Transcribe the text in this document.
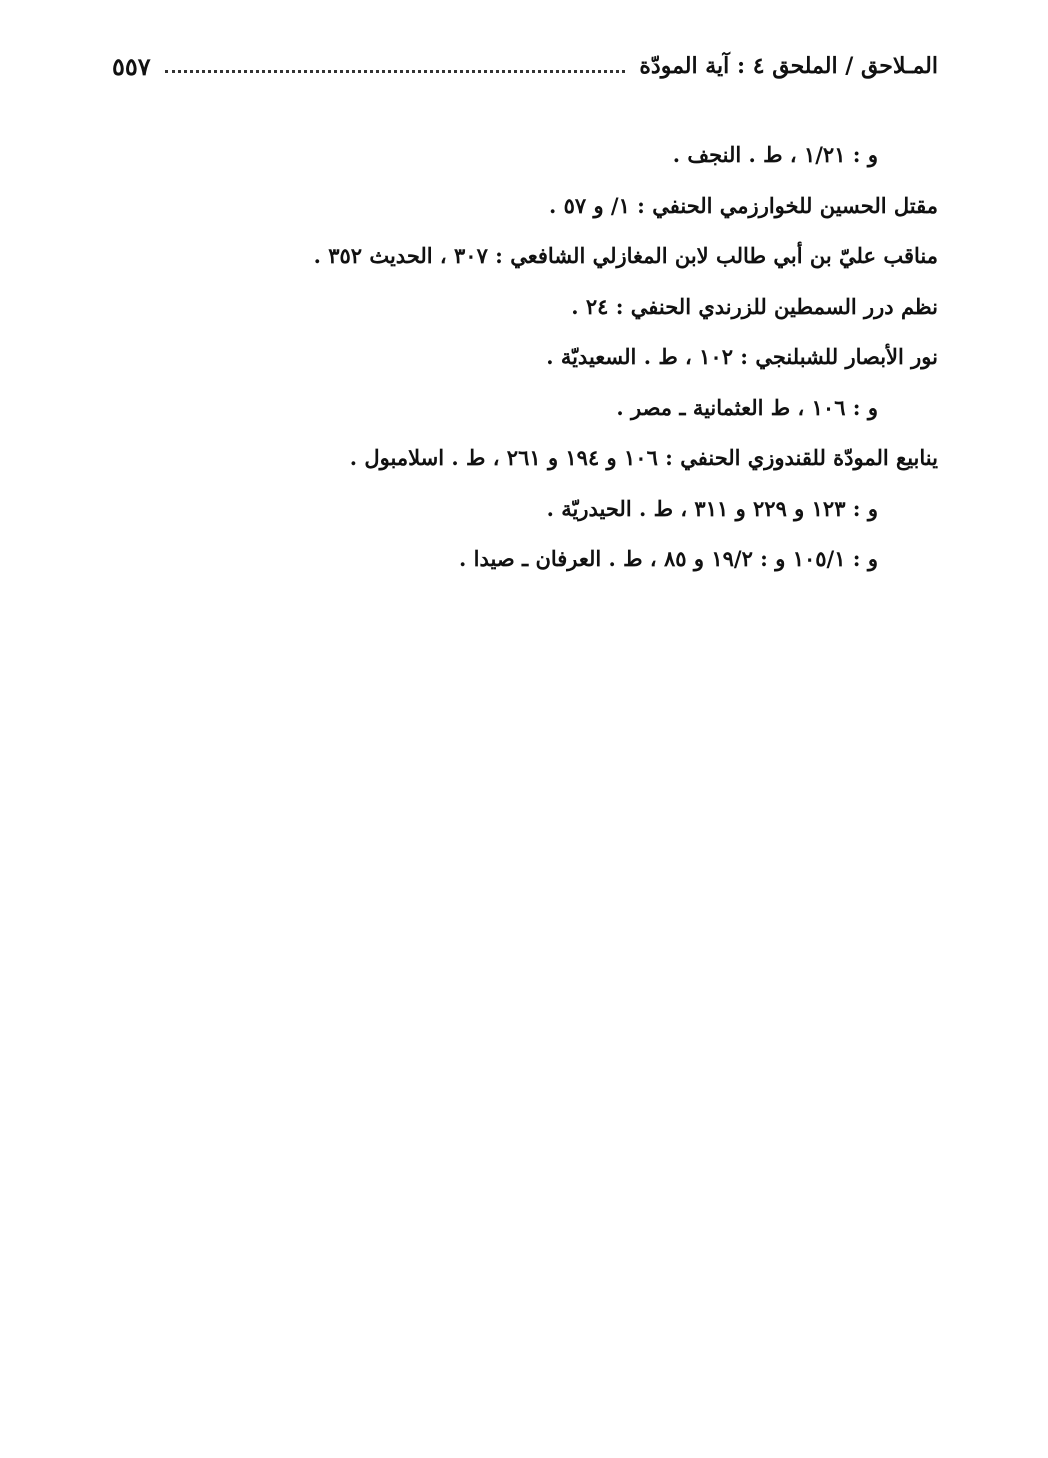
المـلاحق / الملحق ٤ : آية المودّة
٥٥٧
و : ١/٢١ ، ط . النجف .
مقتل الحسين للخوارزمي الحنفي : ١/ و ٥٧ .
مناقب عليّ بن أبي طالب لابن المغازلي الشافعي : ٣٠٧ ، الحديث ٣٥٢ .
نظم درر السمطين للزرندي الحنفي : ٢٤ .
نور الأبصار للشبلنجي : ١٠٢ ، ط . السعيديّة .
و : ١٠٦ ، ط العثمانية ـ مصر .
ينابيع المودّة للقندوزي الحنفي : ١٠٦ و ١٩٤ و ٢٦١ ، ط . اسلامبول .
و : ١٢٣ و ٢٢٩ و ٣١١ ، ط . الحيدريّة .
و : ١٠٥/١ و : ١٩/٢ و ٨٥ ، ط . العرفان ـ صيدا .
